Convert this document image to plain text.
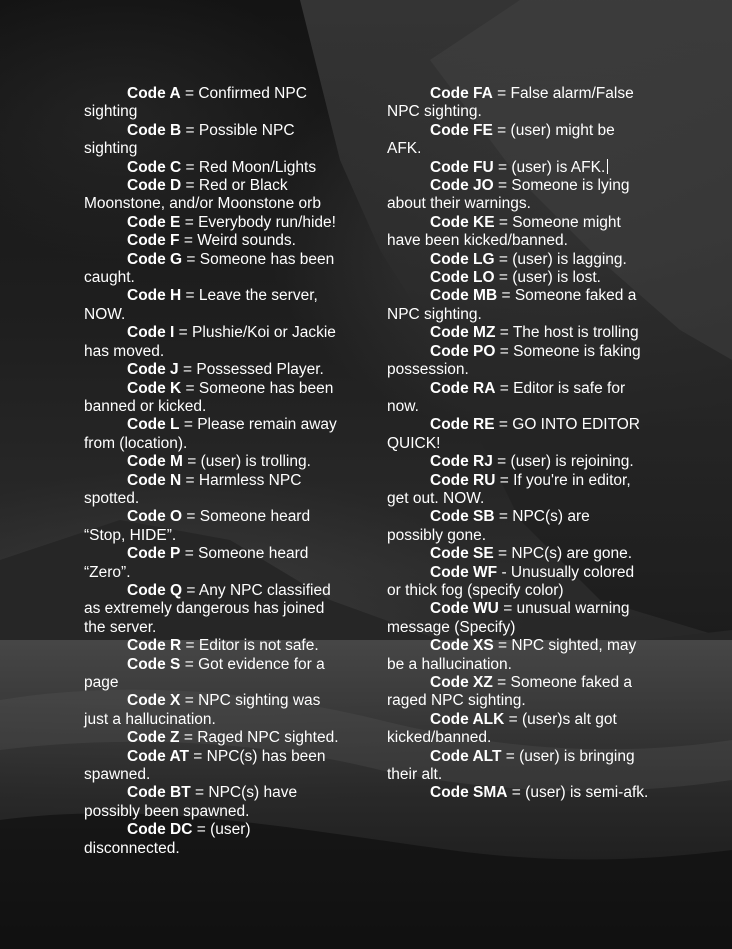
Code A = Confirmed NPC sighting

Code B = Possible NPC sighting

Code C = Red Moon/Lights

Code D = Red or Black Moonstone, and/or Moonstone orb

Code E = Everybody run/hide!

Code F = Weird sounds.

Code G = Someone has been caught.

Code H = Leave the server, NOW.

Code I = Plushie/Koi or Jackie has moved.

Code J = Possessed Player.

Code K = Someone has been banned or kicked.

Code L = Please remain away from (location).

Code M = (user) is trolling.

Code N = Harmless NPC spotted.

Code O = Someone heard “Stop, HIDE”.

Code P = Someone heard “Zero”.

Code Q = Any NPC classified as extremely dangerous has joined the server.

Code R = Editor is not safe.

Code S = Got evidence for a page

Code X = NPC sighting was just a hallucination.

Code Z = Raged NPC sighted.

Code AT = NPC(s) has been spawned.

Code BT = NPC(s) have possibly been spawned.

Code DC = (user) disconnected.

Code FA = False alarm/False NPC sighting.

Code FE = (user) might be AFK.

Code FU = (user) is AFK.

Code JO = Someone is lying about their warnings.

Code KE = Someone might have been kicked/banned.

Code LG = (user) is lagging.

Code LO = (user) is lost.

Code MB = Someone faked a NPC sighting.

Code MZ = The host is trolling

Code PO = Someone is faking possession.

Code RA = Editor is safe for now.

Code RE = GO INTO EDITOR QUICK!

Code RJ = (user) is rejoining.

Code RU = If you're in editor, get out. NOW.

Code SB = NPC(s) are possibly gone.

Code SE = NPC(s) are gone.

Code WF - Unusually colored or thick fog (specify color)

Code WU = unusual warning message (Specify)

Code XS = NPC sighted, may be a hallucination.

Code XZ = Someone faked a raged NPC sighting.

Code ALK = (user)s alt got kicked/banned.

Code ALT = (user) is bringing their alt.

Code SMA = (user) is semi-afk.
